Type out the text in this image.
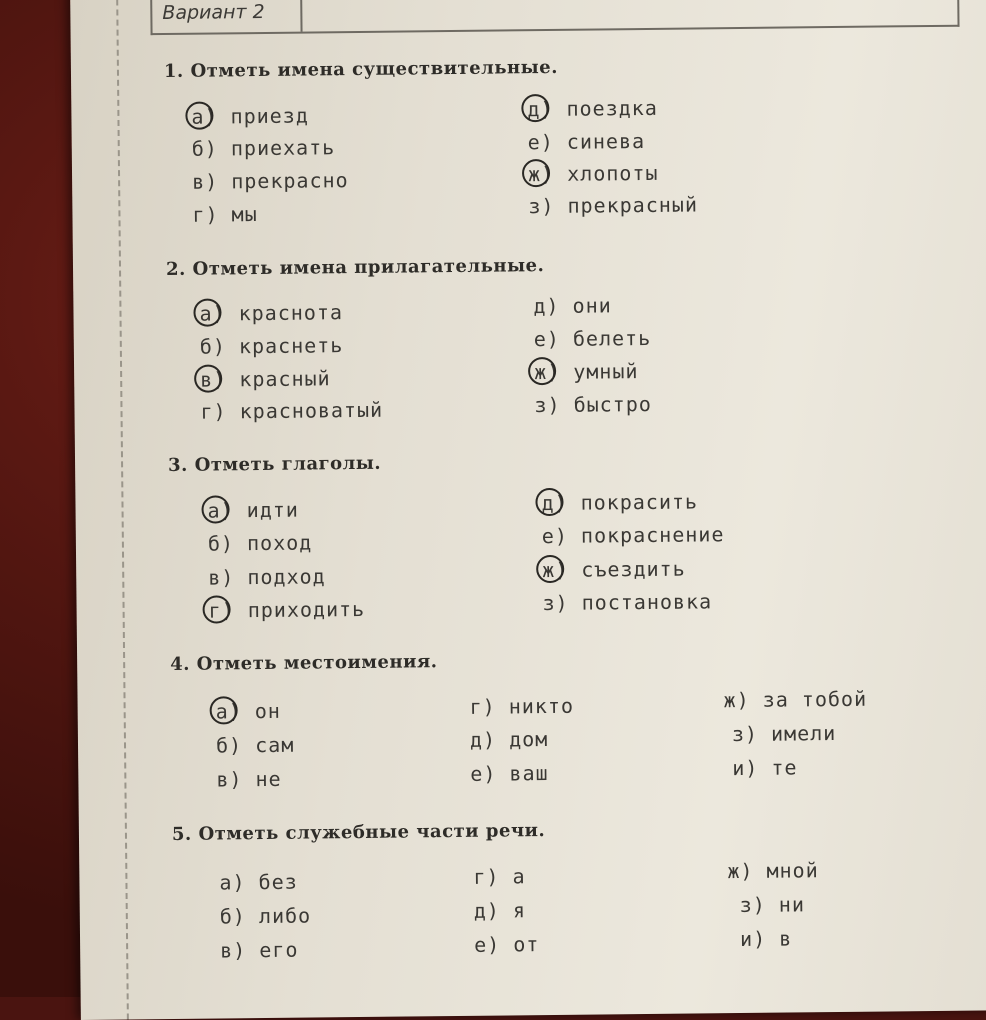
Вариант 2
1. Отметь имена существительные.
а) приезд
б) приехать
в) прекрасно
г) мы
д) поездка
е) синева
ж) хлопоты
з) прекрасный
2. Отметь имена прилагательные.
а) краснота
б) краснеть
в) красный
г) красноватый
д) они
е) белеть
ж) умный
з) быстро
3. Отметь глаголы.
а) идти
б) поход
в) подход
г) приходить
д) покрасить
е) покраснение
ж) съездить
з) постановка
4. Отметь местоимения.
а) он
б) сам
в) не
г) никто
д) дом
е) ваш
ж) за тобой
з) имели
и) те
5. Отметь служебные части речи.
а) без
б) либо
в) его
г) а
д) я
е) от
ж) мной
з) ни
и) в
